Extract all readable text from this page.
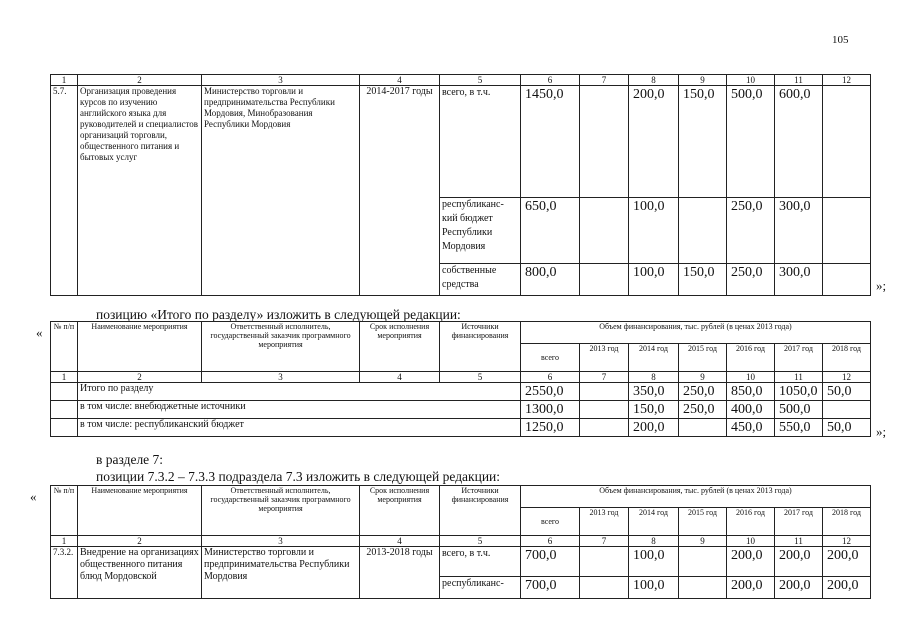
105
1	2	3	4	5	6	7	8	9	10	11	12
5.7.	Организация проведения курсов по изучению английского языка для руководителей и специалистов организаций торговли, общественного питания и бытовых услуг	Министерство торговли и предпринимательства Республики Мордовия, Минобразования Республики Мордовия	2014-2017 годы	всего, в т.ч.	1450,0		200,0	150,0	500,0	600,0	
				республиканс-кий бюджет Республики Мордовия	650,0		100,0		250,0	300,0	
				собственные средства	800,0		100,0	150,0	250,0	300,0	
»;
позицию «Итого по разделу» изложить в следующей редакции:
« № п/п	Наименование мероприятия	Ответственный исполнитель, государственный заказчик программного мероприятия	Срок исполнения мероприятия	Источники финансирования	Объем финансирования, тыс. рублей (в ценах 2013 года)						
					всего	2013 год	2014 год	2015 год	2016 год	2017 год	2018 год
1	2	3	4	5	6	7	8	9	10	11	12
	Итого по разделу				2550,0		350,0	250,0	850,0	1050,0	50,0
	в том числе: внебюджетные источники				1300,0		150,0	250,0	400,0	500,0	
	в том числе: республиканский бюджет				1250,0		200,0		450,0	550,0	50,0 »;
в разделе 7:
позиции 7.3.2 – 7.3.3 подраздела 7.3 изложить в следующей редакции:
« № п/п	Наименование мероприятия	Ответственный исполнитель, государственный заказчик программного мероприятия	Срок исполнения мероприятия	Источники финансирования	Объем финансирования, тыс. рублей (в ценах 2013 года)						
					всего	2013 год	2014 год	2015 год	2016 год	2017 год	2018 год
1	2	3	4	5	6	7	8	9	10	11	12
7.3.2.	Внедрение на организациях общественного питания блюд Мордовской	Министерство торговли и предпринимательства Республики Мордовия	2013-2018 годы	всего, в т.ч.	700,0		100,0		200,0	200,0	200,0
				республиканс-	700,0		100,0		200,0	200,0	200,0
